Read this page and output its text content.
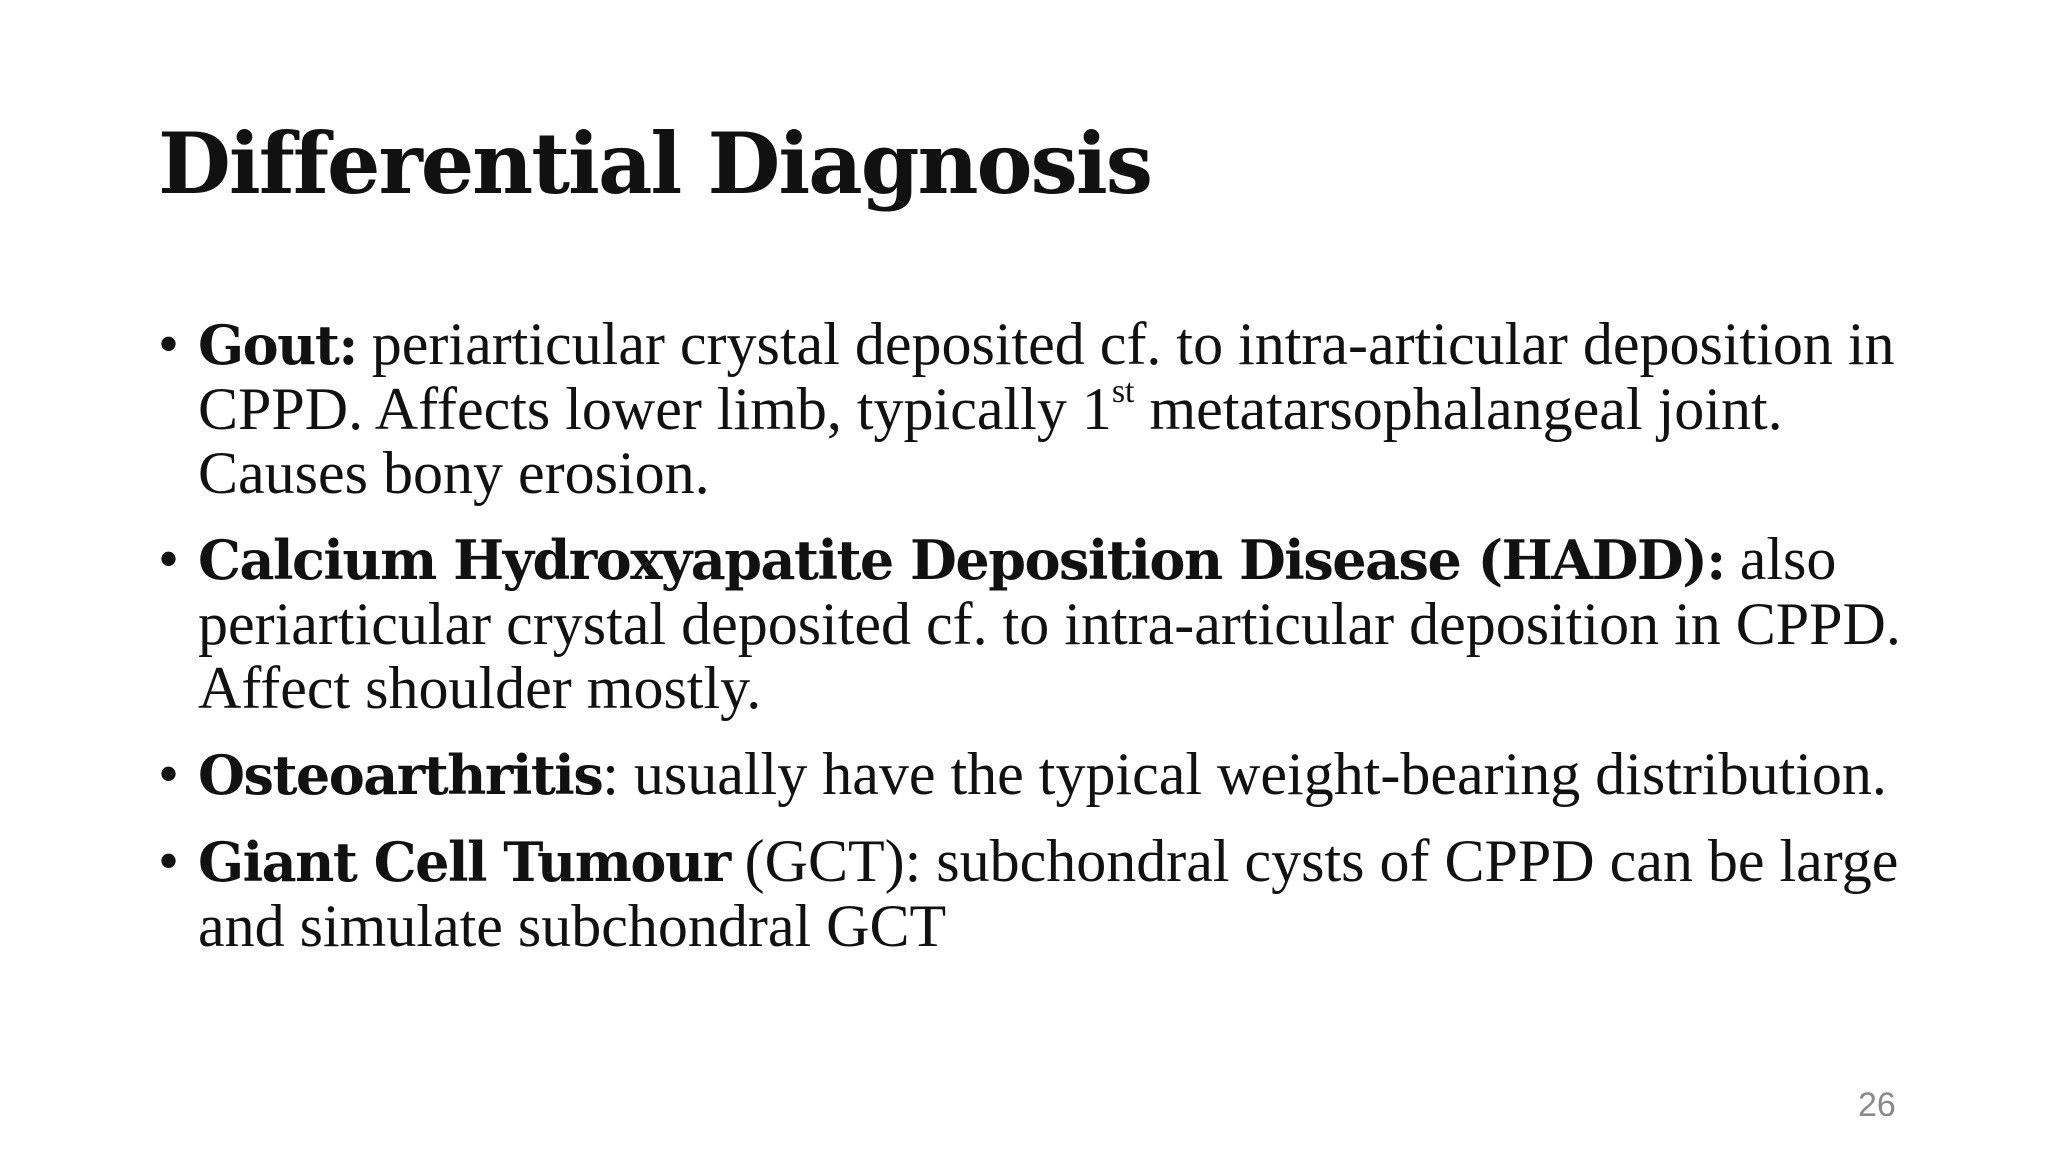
Differential Diagnosis
• Gout: periarticular crystal deposited cf. to intra-articular deposition in CPPD. Affects lower limb, typically 1st metatarsophalangeal joint. Causes bony erosion.
• Calcium Hydroxyapatite Deposition Disease (HADD): also periarticular crystal deposited cf. to intra-articular deposition in CPPD. Affect shoulder mostly.
• Osteoarthritis: usually have the typical weight-bearing distribution.
• Giant Cell Tumour (GCT): subchondral cysts of CPPD can be large and simulate subchondral GCT
26
